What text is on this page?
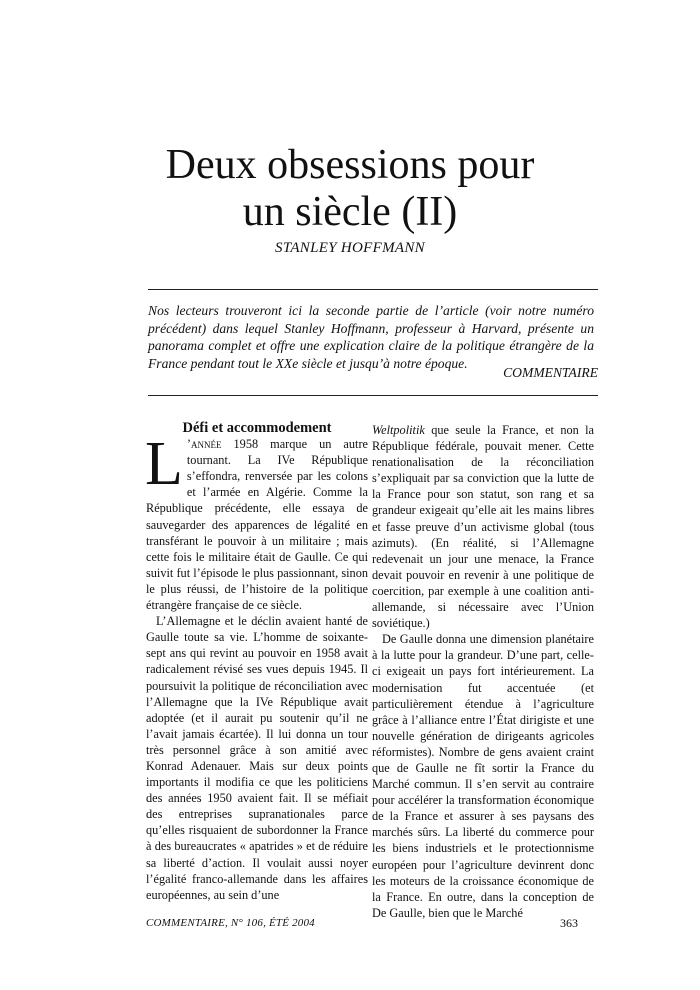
Deux obsessions pour
un siècle (II)
STANLEY HOFFMANN

Nos lecteurs trouveront ici la seconde partie de l’article (voir notre numéro précédent) dans lequel Stanley Hoffmann, professeur à Harvard, présente un panorama complet et offre une explication claire de la politique étrangère de la France pendant tout le XXe siècle et jusqu’à notre époque.

COMMENTAIRE

Défi et accommodement

L ’année 1958 marque un autre tournant. La IVe République s’effondra, renversée par les colons et l’armée en Algérie. Comme la République précédente, elle essaya de sauvegarder des apparences de légalité en transférant le pouvoir à un militaire ; mais cette fois le militaire était de Gaulle. Ce qui suivit fut l’épisode le plus passionnant, sinon le plus réussi, de l’histoire de la politique étrangère française de ce siècle.

L’Allemagne et le déclin avaient hanté de Gaulle toute sa vie. L’homme de soixante-sept ans qui revint au pouvoir en 1958 avait radicalement révisé ses vues depuis 1945. Il poursuivit la politique de réconciliation avec l’Allemagne que la IVe République avait adoptée (et il aurait pu soutenir qu’il ne l’avait jamais écartée). Il lui donna un tour très personnel grâce à son amitié avec Konrad Adenauer. Mais sur deux points importants il modifia ce que les politiciens des années 1950 avaient fait. Il se méfiait des entreprises supranationales parce qu’elles risquaient de subordonner la France à des bureaucrates « apatrides » et de réduire sa liberté d’action. Il voulait aussi noyer l’égalité franco-allemande dans les affaires européennes, au sein d’une

Weltpolitik que seule la France, et non la République fédérale, pouvait mener. Cette renationalisation de la réconciliation s’expliquait par sa conviction que la lutte de la France pour son statut, son rang et sa grandeur exigeait qu’elle ait les mains libres et fasse preuve d’un activisme global (tous azimuts). (En réalité, si l’Allemagne redevenait un jour une menace, la France devait pouvoir en revenir à une politique de coercition, par exemple à une coalition anti-allemande, si nécessaire avec l’Union soviétique.)

De Gaulle donna une dimension planétaire à la lutte pour la grandeur. D’une part, celle-ci exigeait un pays fort intérieurement. La modernisation fut accentuée (et particulièrement étendue à l’agriculture grâce à l’alliance entre l’État dirigiste et une nouvelle génération de dirigeants agricoles réformistes). Nombre de gens avaient craint que de Gaulle ne fît sortir la France du Marché commun. Il s’en servit au contraire pour accélérer la transformation économique de la France et assurer à ses paysans des marchés sûrs. La liberté du commerce pour les biens industriels et le protectionnisme européen pour l’agriculture devinrent donc les moteurs de la croissance économique de la France. En outre, dans la conception de De Gaulle, bien que le Marché

COMMENTAIRE, N° 106, ÉTÉ 2004	363
